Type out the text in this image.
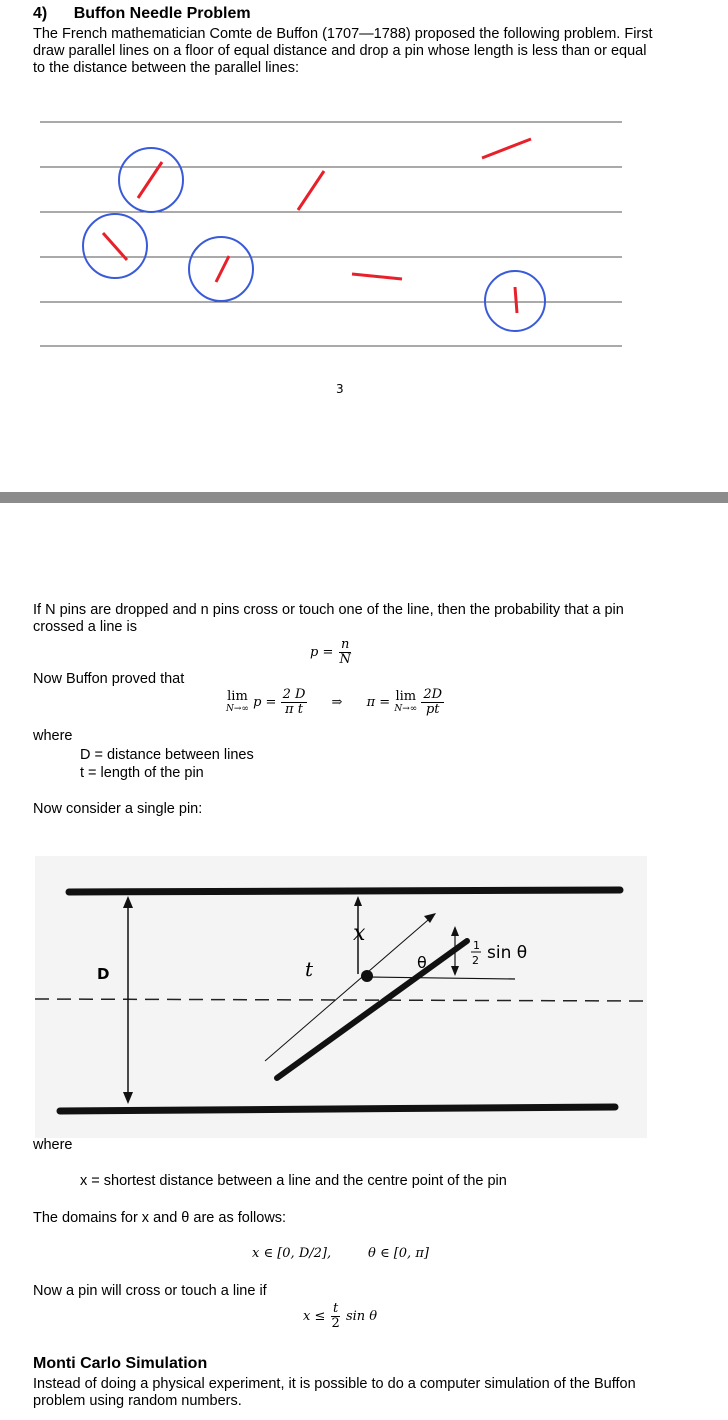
4) Buffon Needle Problem
The French mathematician Comte de Buffon (1707—1788) proposed the following problem. First draw parallel lines on a floor of equal distance and drop a pin whose length is less than or equal to the distance between the parallel lines:
3
If N pins are dropped and n pins cross or touch one of the line, then the probability that a pin crossed a line is
$p = \frac{n}{N}$
Now Buffon proved that
lim
N→∞ $p = \frac{2 D}{\text{π t}}$ ⇒ π = lim
N→∞
$\frac{2D}{pt}$
where
D = distance between lines
t = length of the pin
Now consider a single pin:
D
x
t	θ
1
2 sin θ
where
x = shortest distance between a line and the centre point of the pin
The domains for x and θ are as follows:
x ∈ [0, D/2],	θ ∈ [0, π]
Now a pin will cross or touch a line if
$x \le \frac{t}{2}$ sin θ
Monti Carlo Simulation
Instead of doing a physical experiment, it is possible to do a computer simulation of the Buffon problem using random numbers.
